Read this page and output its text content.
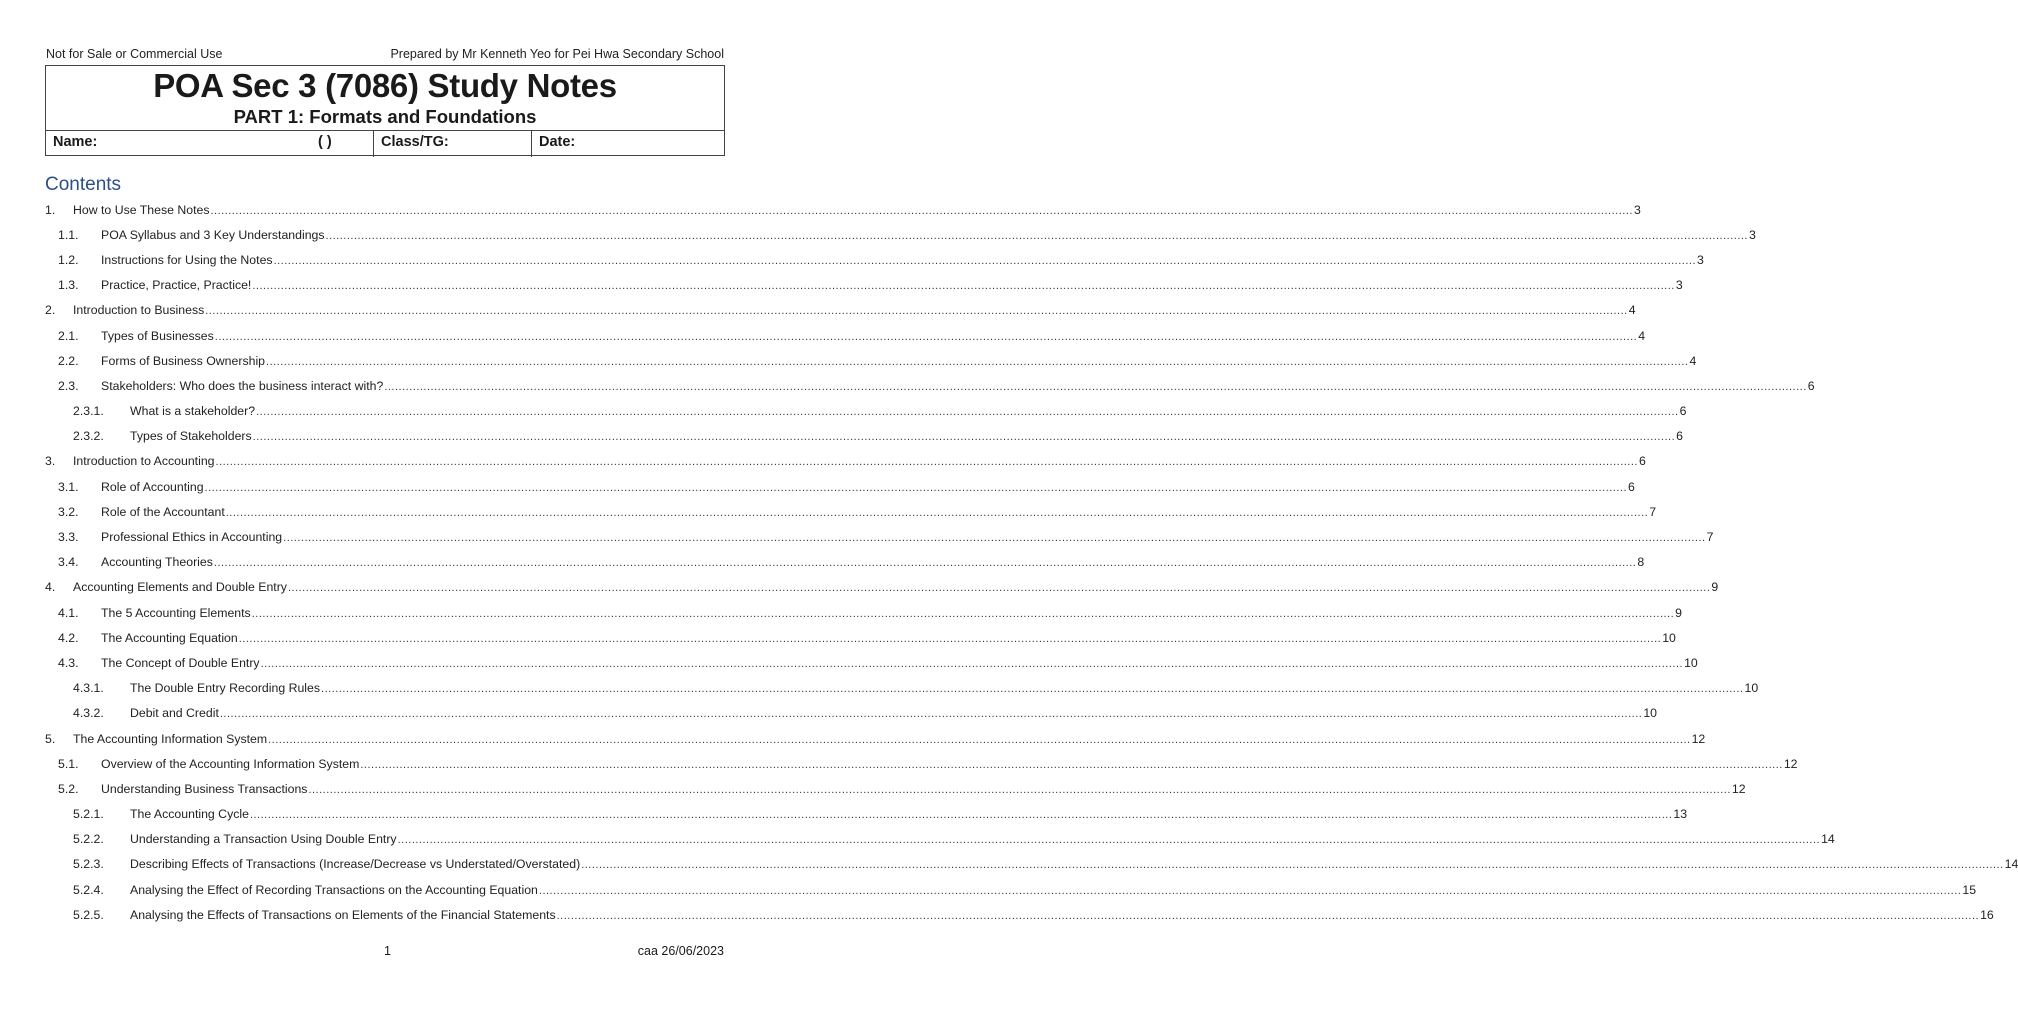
Not for Sale or Commercial Use	Prepared by Mr Kenneth Yeo for Pei Hwa Secondary School
POA Sec 3 (7086) Study Notes
PART 1: Formats and Foundations
Name:	( )	Class/TG:	Date:
Contents
1.	How to Use These Notes ................................................................................................................................................................................................................................................................................................................................................................................................................ 3
1.1.	POA Syllabus and 3 Key Understandings ................................................................................................................................................................................................................................................................................................................................................................................................................ 3
1.2.	Instructions for Using the Notes ................................................................................................................................................................................................................................................................................................................................................................................................................ 3
1.3.	Practice, Practice, Practice! ................................................................................................................................................................................................................................................................................................................................................................................................................ 3
2.	Introduction to Business ................................................................................................................................................................................................................................................................................................................................................................................................................ 4
2.1.	Types of Businesses ................................................................................................................................................................................................................................................................................................................................................................................................................ 4
2.2.	Forms of Business Ownership ................................................................................................................................................................................................................................................................................................................................................................................................................ 4
2.3.	Stakeholders: Who does the business interact with? ................................................................................................................................................................................................................................................................................................................................................................................................................ 6
2.3.1.	What is a stakeholder? ................................................................................................................................................................................................................................................................................................................................................................................................................ 6
2.3.2.	Types of Stakeholders ................................................................................................................................................................................................................................................................................................................................................................................................................ 6
3.	Introduction to Accounting ................................................................................................................................................................................................................................................................................................................................................................................................................ 6
3.1.	Role of Accounting ................................................................................................................................................................................................................................................................................................................................................................................................................ 6
3.2.	Role of the Accountant ................................................................................................................................................................................................................................................................................................................................................................................................................ 7
3.3.	Professional Ethics in Accounting ................................................................................................................................................................................................................................................................................................................................................................................................................ 7
3.4.	Accounting Theories ................................................................................................................................................................................................................................................................................................................................................................................................................ 8
4.	Accounting Elements and Double Entry ................................................................................................................................................................................................................................................................................................................................................................................................................ 9
4.1.	The 5 Accounting Elements ................................................................................................................................................................................................................................................................................................................................................................................................................ 9
4.2.	The Accounting Equation ................................................................................................................................................................................................................................................................................................................................................................................................................ 10
4.3.	The Concept of Double Entry ................................................................................................................................................................................................................................................................................................................................................................................................................ 10
4.3.1.	The Double Entry Recording Rules ................................................................................................................................................................................................................................................................................................................................................................................................................ 10
4.3.2.	Debit and Credit ................................................................................................................................................................................................................................................................................................................................................................................................................ 10
5.	The Accounting Information System ................................................................................................................................................................................................................................................................................................................................................................................................................ 12
5.1.	Overview of the Accounting Information System ................................................................................................................................................................................................................................................................................................................................................................................................................ 12
5.2.	Understanding Business Transactions ................................................................................................................................................................................................................................................................................................................................................................................................................ 12
5.2.1.	The Accounting Cycle ................................................................................................................................................................................................................................................................................................................................................................................................................ 13
5.2.2.	Understanding a Transaction Using Double Entry ................................................................................................................................................................................................................................................................................................................................................................................................................ 14
5.2.3.	Describing Effects of Transactions (Increase/Decrease vs Understated/Overstated) ................................................................................................................................................................................................................................................................................................................................................................................................................ 14
5.2.4.	Analysing the Effect of Recording Transactions on the Accounting Equation ................................................................................................................................................................................................................................................................................................................................................................................................................ 15
5.2.5.	Analysing the Effects of Transactions on Elements of the Financial Statements ................................................................................................................................................................................................................................................................................................................................................................................................................ 16
1	caa 26/06/2023
